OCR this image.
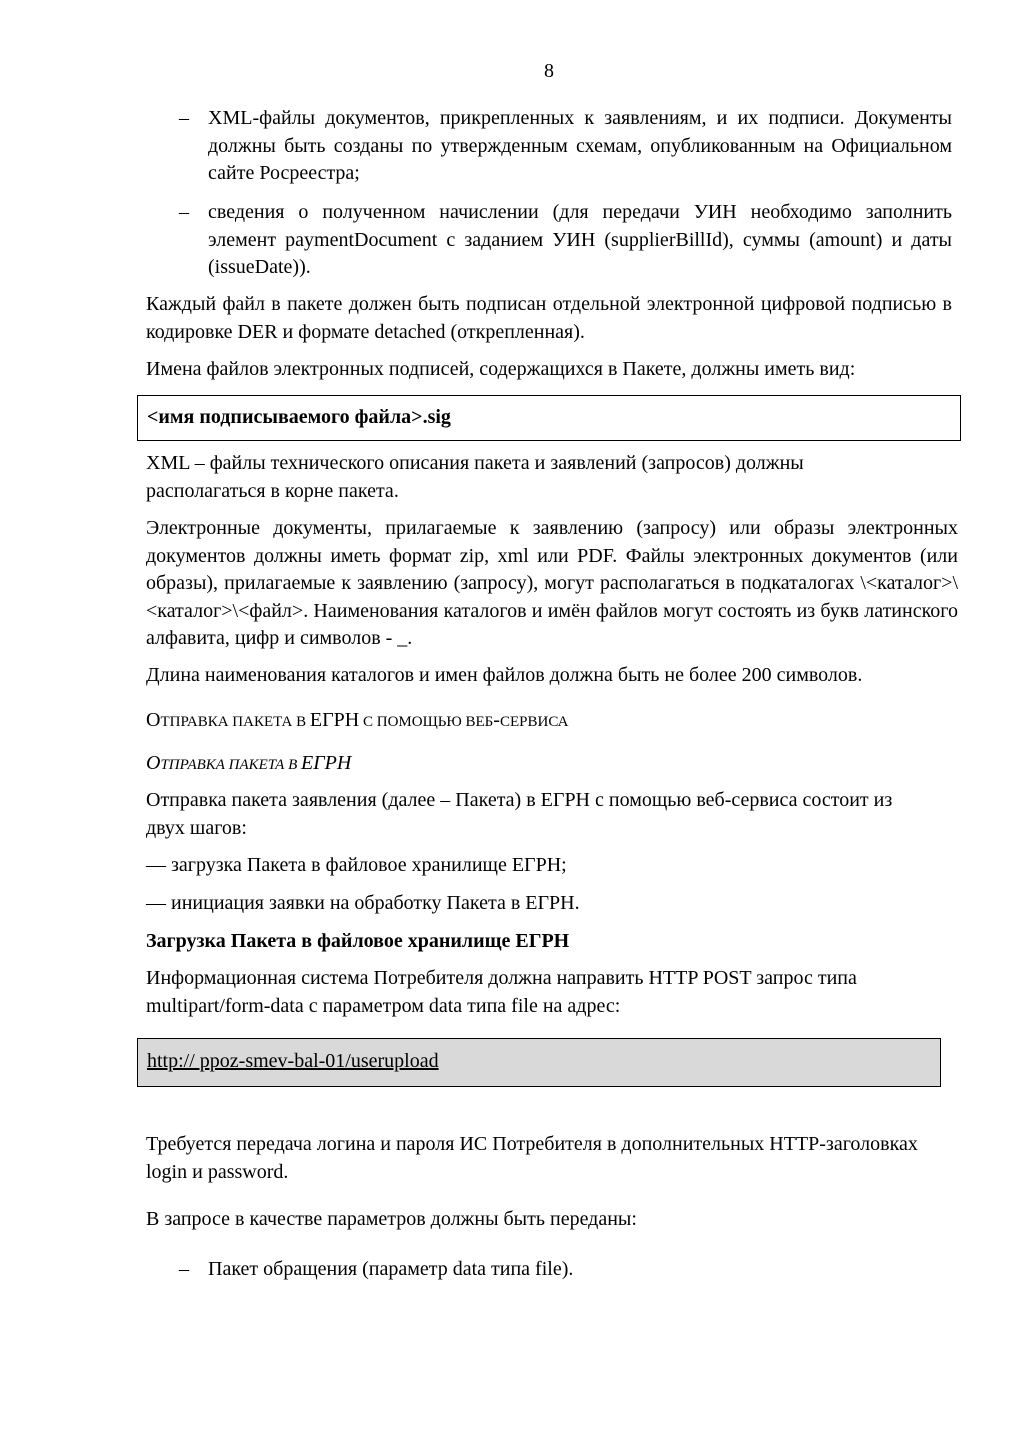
8
– XML-файлы документов, прикрепленных к заявлениям, и их подписи. Документы должны быть созданы по утвержденным схемам, опубликованным на Официальном сайте Росреестра;

– сведения о полученном начислении (для передачи УИН необходимо заполнить элемент paymentDocument с заданием УИН (supplierBillId), суммы (amount) и даты (issueDate)).

Каждый файл в пакете должен быть подписан отдельной электронной цифровой подписью в кодировке DER и формате detached (открепленная).

Имена файлов электронных подписей, содержащихся в Пакете, должны иметь вид:

<имя подписываемого файла>.sig

XML – файлы технического описания пакета и заявлений (запросов) должны располагаться в корне пакета.

Электронные документы, прилагаемые к заявлению (запросу) или образы электронных документов должны иметь формат zip, xml или PDF. Файлы электронных документов (или образы), прилагаемые к заявлению (запросу), могут располагаться в подкаталогах \<каталог>\<каталог>\<файл>. Наименования каталогов и имён файлов могут состоять из букв латинского алфавита, цифр и символов - _.

Длина наименования каталогов и имен файлов должна быть не более 200 символов.

ОТПРАВКА ПАКЕТА В ЕГРН С ПОМОЩЬЮ ВЕБ-СЕРВИСА

ОТПРАВКА ПАКЕТА В ЕГРН

Отправка пакета заявления (далее – Пакета) в ЕГРН с помощью веб-сервиса состоит из двух шагов:

— загрузка Пакета в файловое хранилище ЕГРН;

— инициация заявки на обработку Пакета в ЕГРН.

Загрузка Пакета в файловое хранилище ЕГРН

Информационная система Потребителя должна направить HTTP POST запрос типа multipart/form-data с параметром data типа file на адрес:

http:// ppoz-smev-bal-01/userupload

Требуется передача логина и пароля ИС Потребителя в дополнительных HTTP-заголовках login и password.

В запросе в качестве параметров должны быть переданы:

– Пакет обращения (параметр data типа file).
